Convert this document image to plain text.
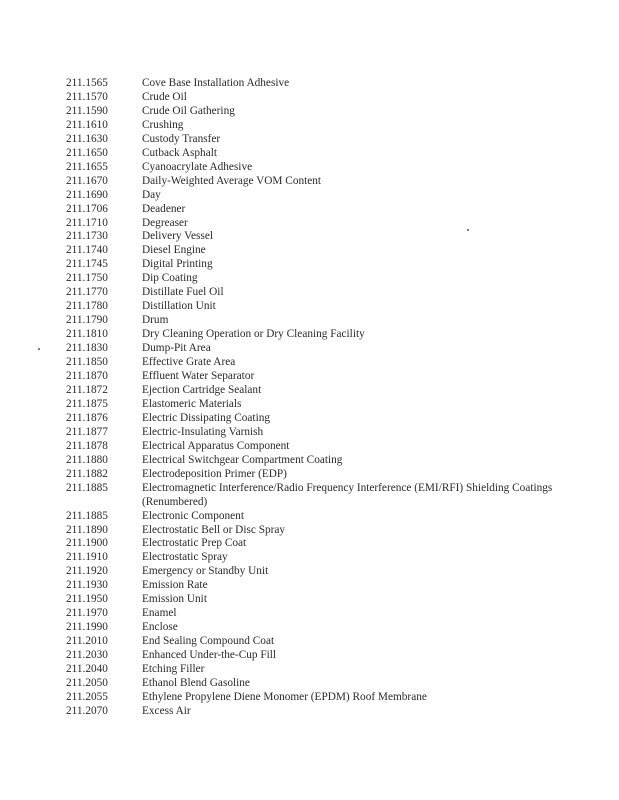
211.1565	Cove Base Installation Adhesive
211.1570	Crude Oil
211.1590	Crude Oil Gathering
211.1610	Crushing
211.1630	Custody Transfer
211.1650	Cutback Asphalt
211.1655	Cyanoacrylate Adhesive
211.1670	Daily-Weighted Average VOM Content
211.1690	Day
211.1706	Deadener
211.1710	Degreaser
211.1730	Delivery Vessel
211.1740	Diesel Engine
211.1745	Digital Printing
211.1750	Dip Coating
211.1770	Distillate Fuel Oil
211.1780	Distillation Unit
211.1790	Drum
211.1810	Dry Cleaning Operation or Dry Cleaning Facility
211.1830	Dump-Pit Area
211.1850	Effective Grate Area
211.1870	Effluent Water Separator
211.1872	Ejection Cartridge Sealant
211.1875	Elastomeric Materials
211.1876	Electric Dissipating Coating
211.1877	Electric-Insulating Varnish
211.1878	Electrical Apparatus Component
211.1880	Electrical Switchgear Compartment Coating
211.1882	Electrodeposition Primer (EDP)
211.1885	Electromagnetic Interference/Radio Frequency Interference (EMI/RFI) Shielding Coatings (Renumbered)
211.1885	Electronic Component
211.1890	Electrostatic Bell or Disc Spray
211.1900	Electrostatic Prep Coat
211.1910	Electrostatic Spray
211.1920	Emergency or Standby Unit
211.1930	Emission Rate
211.1950	Emission Unit
211.1970	Enamel
211.1990	Enclose
211.2010	End Sealing Compound Coat
211.2030	Enhanced Under-the-Cup Fill
211.2040	Etching Filler
211.2050	Ethanol Blend Gasoline
211.2055	Ethylene Propylene Diene Monomer (EPDM) Roof Membrane
211.2070	Excess Air
